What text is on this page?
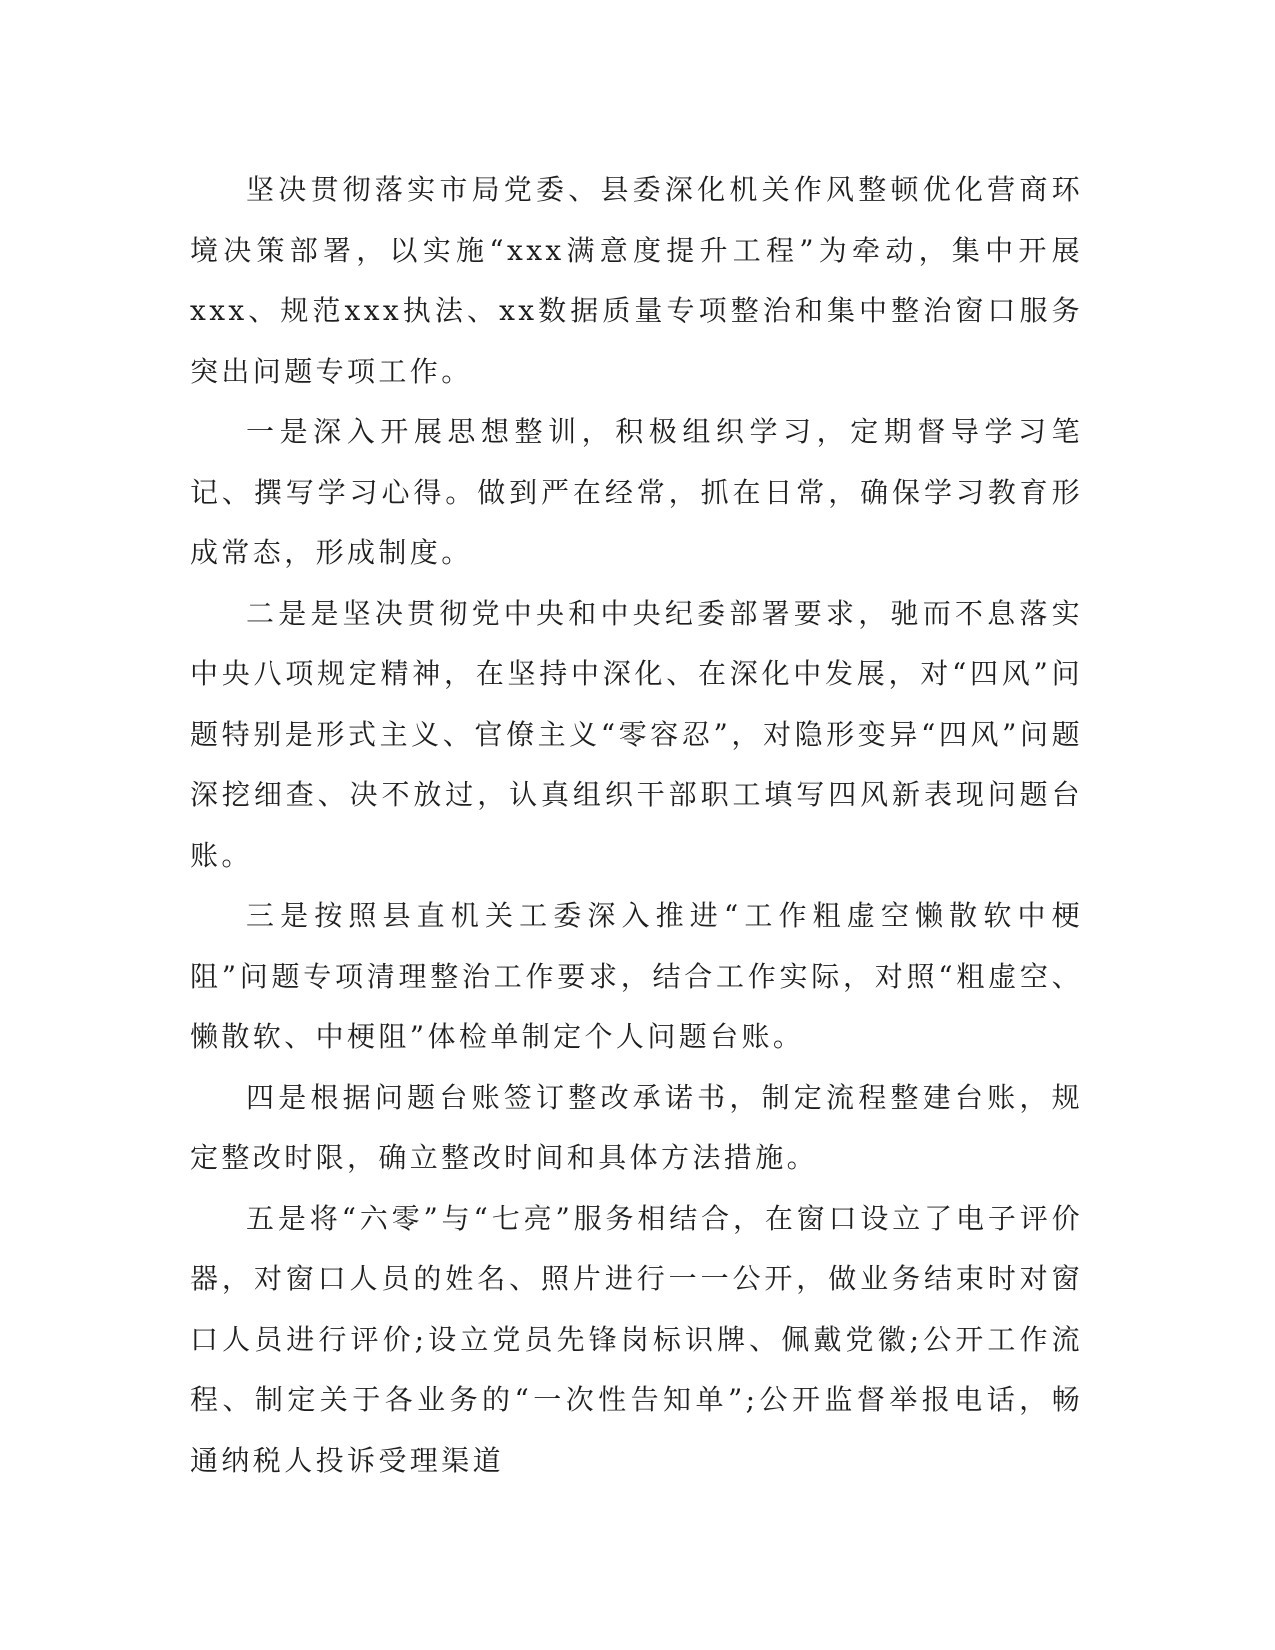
坚决贯彻落实市局党委、县委深化机关作风整顿优化营商环境决策部署，以实施“xxx满意度提升工程”为牵动，集中开展xxx、规范xxx执法、xx数据质量专项整治和集中整治窗口服务突出问题专项工作。

一是深入开展思想整训，积极组织学习，定期督导学习笔记、撰写学习心得。做到严在经常，抓在日常，确保学习教育形成常态，形成制度。

二是是坚决贯彻党中央和中央纪委部署要求，驰而不息落实中央八项规定精神，在坚持中深化、在深化中发展，对“四风”问题特别是形式主义、官僚主义“零容忍”，对隐形变异“四风”问题深挖细查、决不放过，认真组织干部职工填写四风新表现问题台账。

三是按照县直机关工委深入推进“工作粗虚空懒散软中梗阻”问题专项清理整治工作要求，结合工作实际，对照“粗虚空、懒散软、中梗阻”体检单制定个人问题台账。

四是根据问题台账签订整改承诺书，制定流程整建台账，规定整改时限，确立整改时间和具体方法措施。

五是将“六零”与“七亮”服务相结合，在窗口设立了电子评价器，对窗口人员的姓名、照片进行一一公开，做业务结束时对窗口人员进行评价;设立党员先锋岗标识牌、佩戴党徽;公开工作流程、制定关于各业务的“一次性告知单”;公开监督举报电话，畅通纳税人投诉受理渠道
